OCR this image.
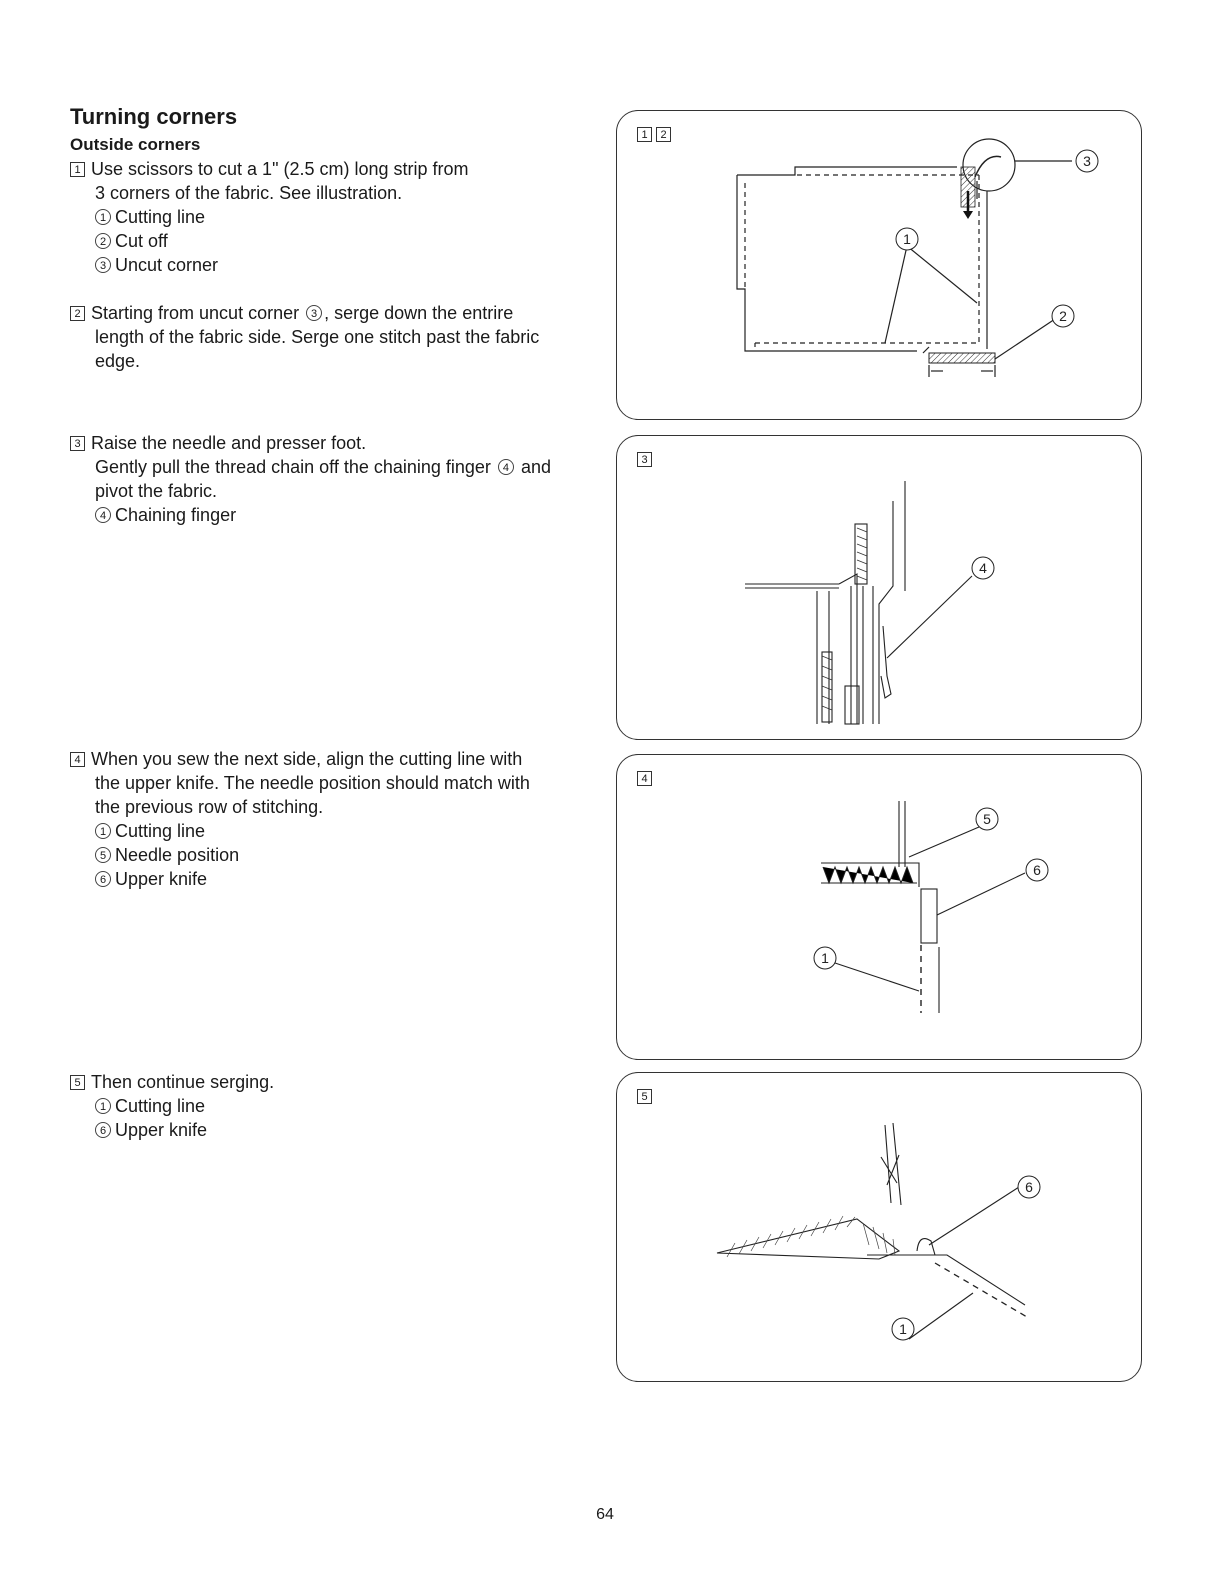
Turning corners
Outside corners
1 Use scissors to cut a 1" (2.5 cm) long strip from
3 corners of the fabric. See illustration.
1 Cutting line
2 Cut off
3 Uncut corner
2 Starting from uncut corner 3 , serge down the entrire
length of the fabric side. Serge one stitch past the fabric
edge.
3 Raise the needle and presser foot.
Gently pull the thread chain off the chaining finger 4 and
pivot the fabric.
4 Chaining finger
4 When you sew the next side, align the cutting line with
the upper knife. The needle position should match with
the previous row of stitching.
1 Cutting line
5 Needle position
6 Upper knife
5 Then continue serging.
1 Cutting line
6 Upper knife
1
2
3
1 2
4
3
5
6
1
4
6
1
5
64
